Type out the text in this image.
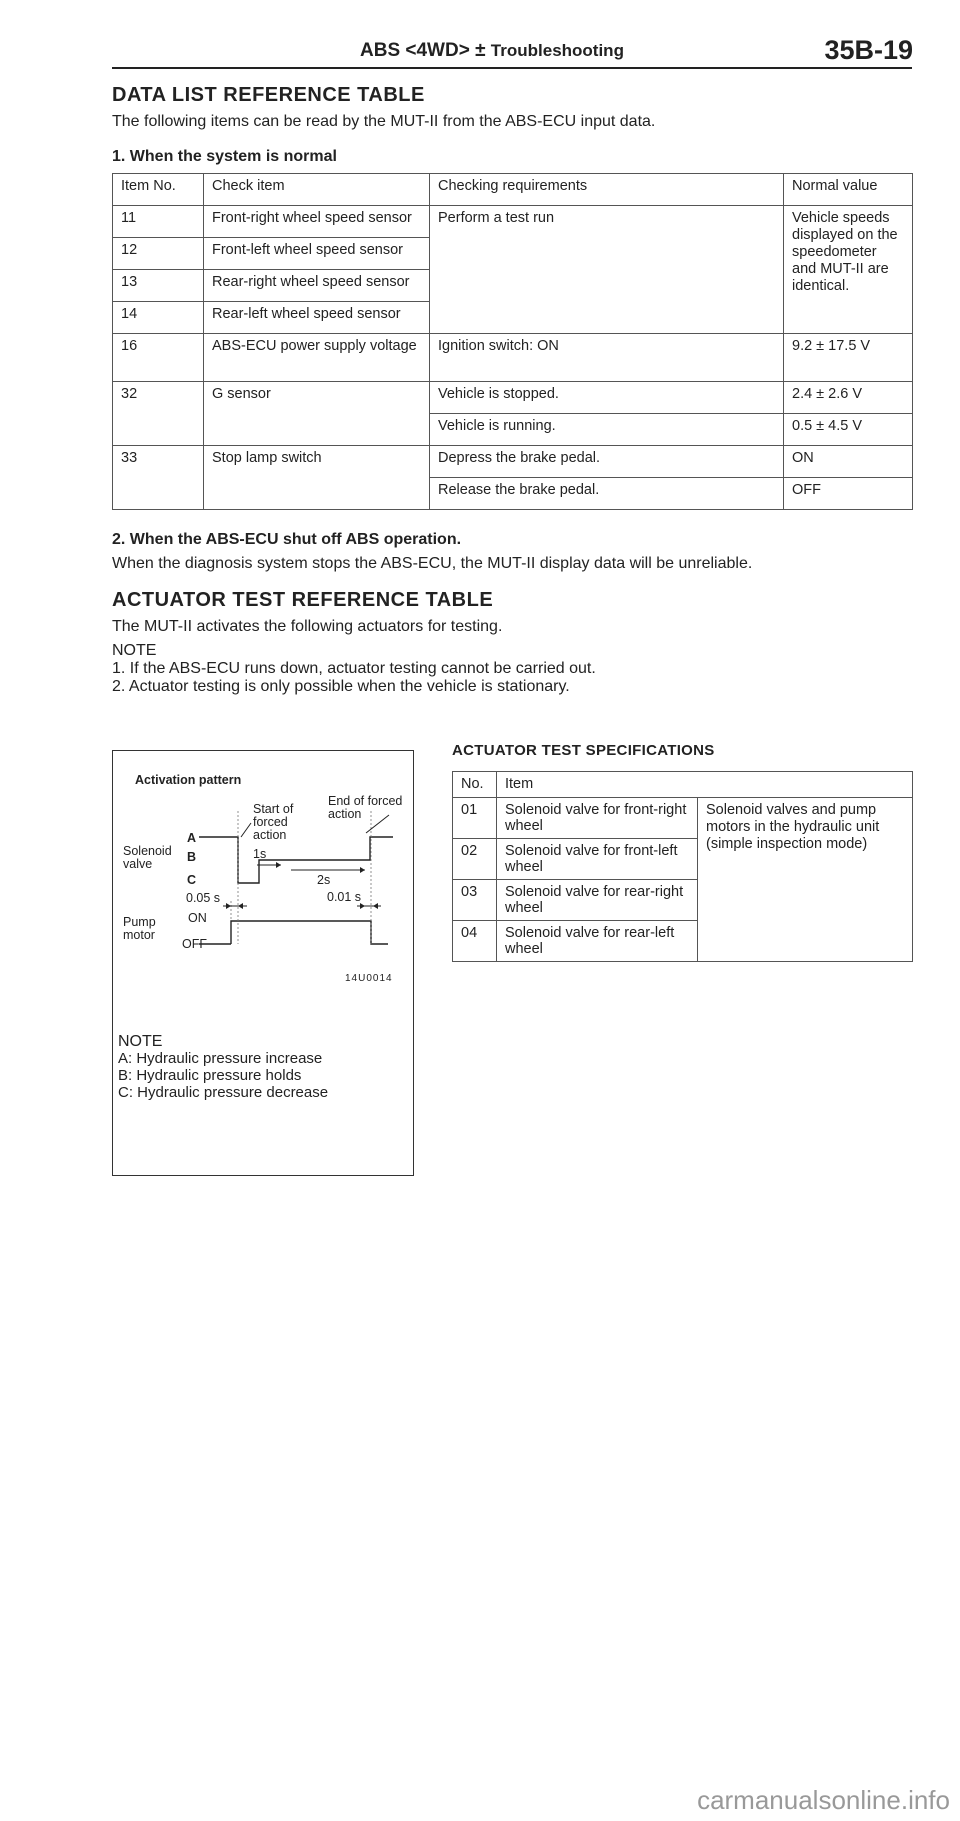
ABS <4WD> ± Troubleshooting	35B-19
DATA LIST REFERENCE TABLE
The following items can be read by the MUT-II from the ABS-ECU input data.
1. When the system is normal
Item No.	Check item	Checking requirements	Normal value
11	Front-right wheel speed sensor	Perform a test run	Vehicle speeds displayed on the speedometer and MUT-II are identical.
12	Front-left wheel speed sensor		
13	Rear-right wheel speed sensor		
14	Rear-left wheel speed sensor		
16	ABS-ECU power supply voltage	Ignition switch: ON	9.2 ± 17.5 V
32	G sensor	Vehicle is stopped.	2.4 ± 2.6 V
		Vehicle is running.	0.5 ± 4.5 V
33	Stop lamp switch	Depress the brake pedal.	ON
		Release the brake pedal.	OFF
2. When the ABS-ECU shut off ABS operation.
When the diagnosis system stops the ABS-ECU, the MUT-II display data will be unreliable.
ACTUATOR TEST REFERENCE TABLE
The MUT-II activates the following actuators for testing.
NOTE
1. If the ABS-ECU runs down, actuator testing cannot be carried out.
2. Actuator testing is only possible when the vehicle is stationary.
Activation pattern
Solenoid
valve
A
B
C
Start of
forced
action
End of forced
action
1s
2s
0.05 s	0.01 s
ON
Pump
motor
OFF
14U0014
NOTE
A: Hydraulic pressure increase
B: Hydraulic pressure holds
C: Hydraulic pressure decrease
ACTUATOR TEST SPECIFICATIONS
No.	Item	
01	Solenoid valve for front-right wheel	Solenoid valves and pump motors in the hydraulic unit (simple inspection mode)
02	Solenoid valve for front-left wheel	
03	Solenoid valve for rear-right wheel	
04	Solenoid valve for rear-left wheel	
carmanualsonline.info
